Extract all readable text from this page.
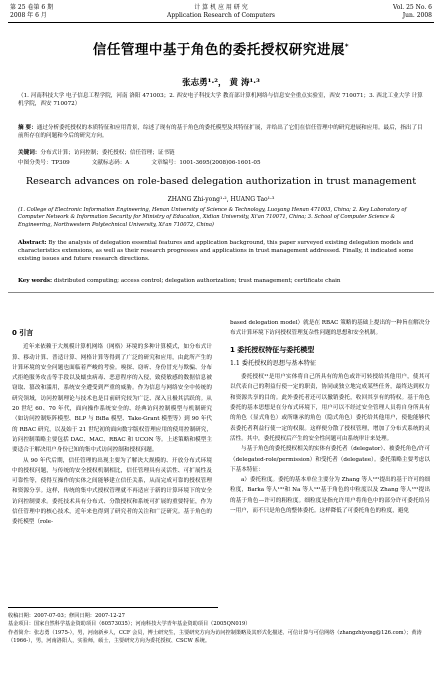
第 25 卷第 6 期
2008 年 6 月
计 算 机 应 用 研 究
Application Research of Computers
Vol. 25 No. 6
Jun. 2008
信任管理中基于角色的委托授权研究进展*
张志勇¹·²， 黄 涛¹·³
（1. 河南科技大学 电子信息工程学院，河南 洛阳 471003；2. 西安电子科技大学 教育部计算机网络与信息安全重点实验室，西安 710071；3. 西北工业大学 计算机学院，西安 710072）
摘 要：通过分析委托授权的本质特征和应用背景，综述了现有的基于角色的委托模型及其特征扩展，并给出了它们在信任管理中的研究进展和应用。最后，指出了目前所存在的问题和今后的研究方向。
关键词：分布式计算；访问控制；委托授权；信任管理；证书链
中图分类号：TP309	文献标志码：A	文章编号：1001-3695(2008)06-1601-05
Research advances on role-based delegation authorization in trust management
ZHANG Zhi-yong¹·², HUANG Tao¹·³
(1. College of Electronic Information Engineering, Henan University of Science & Technology, Luoyang Henan 471003, China; 2. Key Laboratory of Computer Network & Information Security for Ministry of Education, Xidian University, Xi'an 710071, China; 3. School of Computer Science & Engineering, Northwestern Polytechnical University, Xi'an 710072, China)
Abstract: By the analysis of delegation essential features and application background, this paper surveyed existing delegation models and characteristics extensions, as well as their research progresses and applications in trust management addressed. Finally, it indicated some existing issues and future research directions.
Key words: distributed computing; access control; delegation authorization; trust management; certificate chain
0 引言

近年来依赖于大规模计算机网络（网格）环境的多种计算模式，如分布式计算、移动计算、普适计算、网格计算等得到了广泛的研究和应用，由此所产生的计算环境的安全问题也面临着严峻的考验。嗅探、窃听、身份冒充与欺骗、分布式拒绝服务攻击等手段以及蠕虫病毒、恶意程序的入侵，致使敏感的数据信息被窃取、篡改和滥用，系统安全遭受到严重的威胁。作为信息与网络安全中传统的研究领域，访问控制理论与技术也是目前研究较为广泛、深入且极其活跃的。从 20 世纪 60、70 年代，面向操作系统安全的、经典访问控制模型与机制研究（如访问控制矩阵模型、BLP 与 BiBa 模型、Take-Grant 模型等）到 90 年代的 RBAC 研究，以及始于 21 世纪初的面向数字版权管理应用的使用控制研究，访问控制策略主要包括 DAC、MAC、RBAC 和 UCON 等。上述策略和模型主要适合于解决用户身份已知的集中式访问控制和授权问题。

从 90 年代后期，信任管理的出现主要为了解决大规模的、开放分布式环境中的授权问题，与传统的安全授权机制相比，信任管理具有灵活性、可扩展性及可靠性等，使得互操作的实体之间能够建立信任关系，从而完成可靠的授权管理和资源分享。这样，传统的集中式授权管理就不再适应于新的计算环境下的安全访问控制要求。委托技术具有分布式、分散授权和系统可扩展的重要特征，作为信任管理中的核心技术，近年来也得到了研究者的关注和广泛研究。基于角色的委托模型（role-

based delegation model）就是在 RBAC 策略的基础上提出的一种旨在解决分布式计算环境下访问授权管理复杂性问题的思想和安全机制。

1 委托授权特征与委托模型
1.1 委托授权的思想与基本特征

委托授权¹¹是用户实体将自己所具有的角色或许可转授给其他用户，使其可以代表自己的利益行使一定的职责，协同或独立地完成某些任务，最终达到权力和资源共享的目的。此外委托者还可以撤销委托，收回其享有的特权。基于角色委托的基本思想是在分布式环境下，用户可以不经过安全管理人员将自身所具有的角色（显式角色）或所继承的角色（隐式角色）委托给其他用户，使他能够代表委托者利益行使一定的权限。这样便分散了授权管理，增加了分布式系统的灵活性。其中，委托授权后产生的安全性问题可由系统审计来处理。

与基于角色的委托授权相关的实体有委托者（delegator）、被委托角色/许可（delegated-role/permission）和受托者（delegatee）。委托策略主要考虑以下基本特征：

a）委托粒度。委托的基本单位主要分为 Zhang 等人¹²¹提出的基于许可的细粒度，Barka 等人¹³¹和 Na 等人¹⁴¹基于角色的中粒度以及 Zhang 等人¹⁵¹提出的基于角色—许可的粗粒度。细粒度是指允许用户将角色中的部分许可委托给另一用户，而不只是角色的整体委托。这样降低了可委托角色的粒度，避免

收稿日期：2007-07-03；修回日期：2007-12-27
基金项目：国家自然科学基金资助项目（60573035）；河南科技大学青年基金资助项目（2005QN019）
作者简介：张志勇（1975-），男，河南新乡人，CCF 会员，博士研究生，主要研究方向为访问控制策略及其形式化描述、可信计算与可信网络（zhangzhiyong@126.com）；黄涛（1966-），男，河南洛阳人，实验师，硕士，主要研究方向为委托授权、CSCW 系统。
